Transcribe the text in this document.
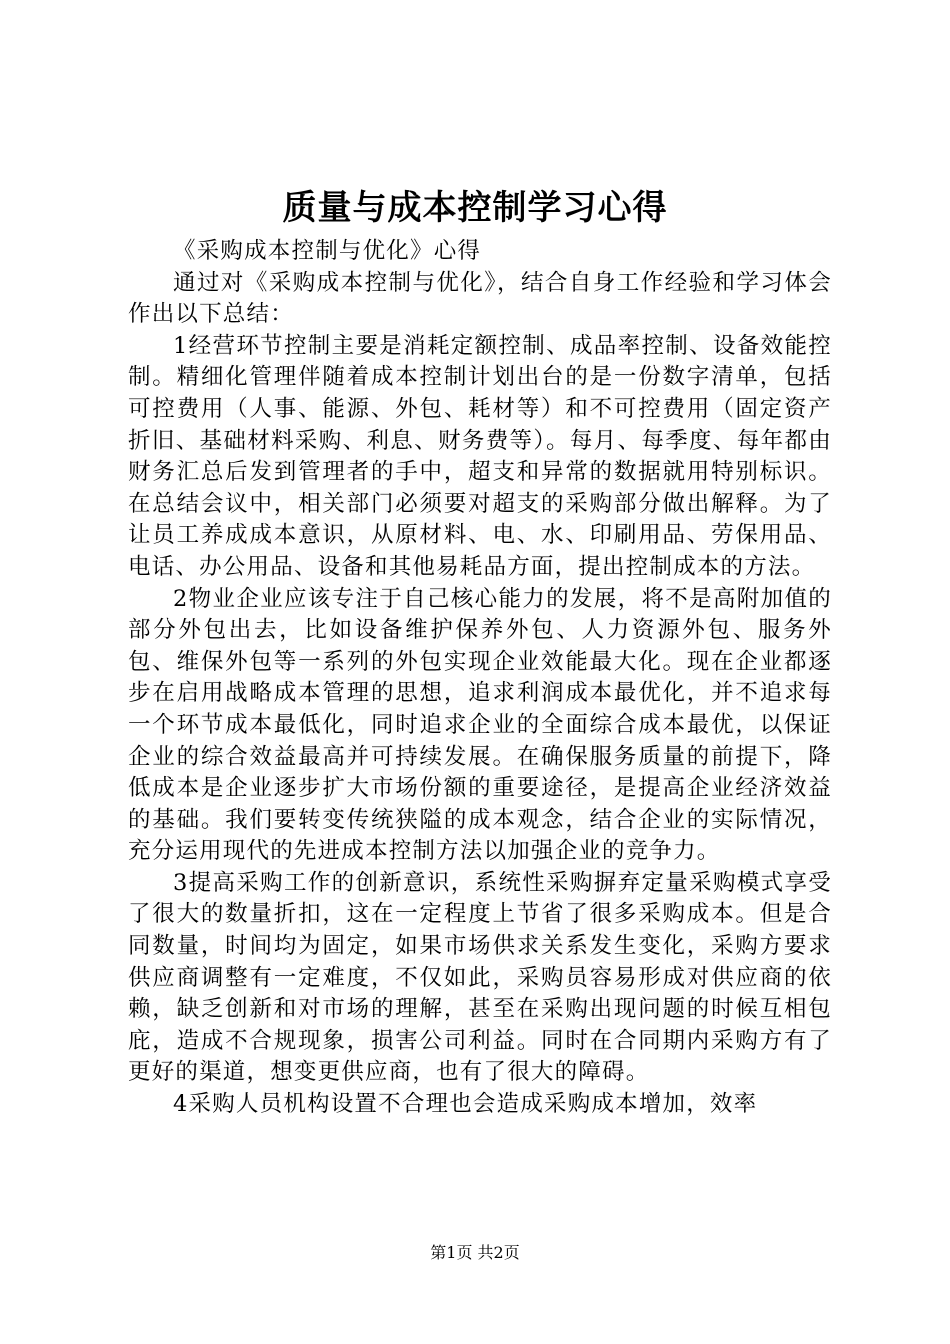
质量与成本控制学习心得

《采购成本控制与优化》心得

通过对《采购成本控制与优化》，结合自身工作经验和学习体会作出以下总结：

1经营环节控制主要是消耗定额控制、成品率控制、设备效能控制。精细化管理伴随着成本控制计划出台的是一份数字清单，包括可控费用（人事、能源、外包、耗材等）和不可控费用（固定资产折旧、基础材料采购、利息、财务费等）。每月、每季度、每年都由财务汇总后发到管理者的手中，超支和异常的数据就用特别标识。在总结会议中，相关部门必须要对超支的采购部分做出解释。为了让员工养成成本意识，从原材料、电、水、印刷用品、劳保用品、电话、办公用品、设备和其他易耗品方面，提出控制成本的方法。

2物业企业应该专注于自己核心能力的发展，将不是高附加值的部分外包出去，比如设备维护保养外包、人力资源外包、服务外包、维保外包等一系列的外包实现企业效能最大化。现在企业都逐步在启用战略成本管理的思想，追求利润成本最优化，并不追求每一个环节成本最低化，同时追求企业的全面综合成本最优，以保证企业的综合效益最高并可持续发展。在确保服务质量的前提下，降低成本是企业逐步扩大市场份额的重要途径，是提高企业经济效益的基础。我们要转变传统狭隘的成本观念，结合企业的实际情况，充分运用现代的先进成本控制方法以加强企业的竞争力。

3提高采购工作的创新意识，系统性采购摒弃定量采购模式享受了很大的数量折扣，这在一定程度上节省了很多采购成本。但是合同数量，时间均为固定，如果市场供求关系发生变化，采购方要求供应商调整有一定难度，不仅如此，采购员容易形成对供应商的依赖，缺乏创新和对市场的理解，甚至在采购出现问题的时候互相包庇，造成不合规现象，损害公司利益。同时在合同期内采购方有了更好的渠道，想变更供应商，也有了很大的障碍。

4采购人员机构设置不合理也会造成采购成本增加，效率

第1页 共2页
